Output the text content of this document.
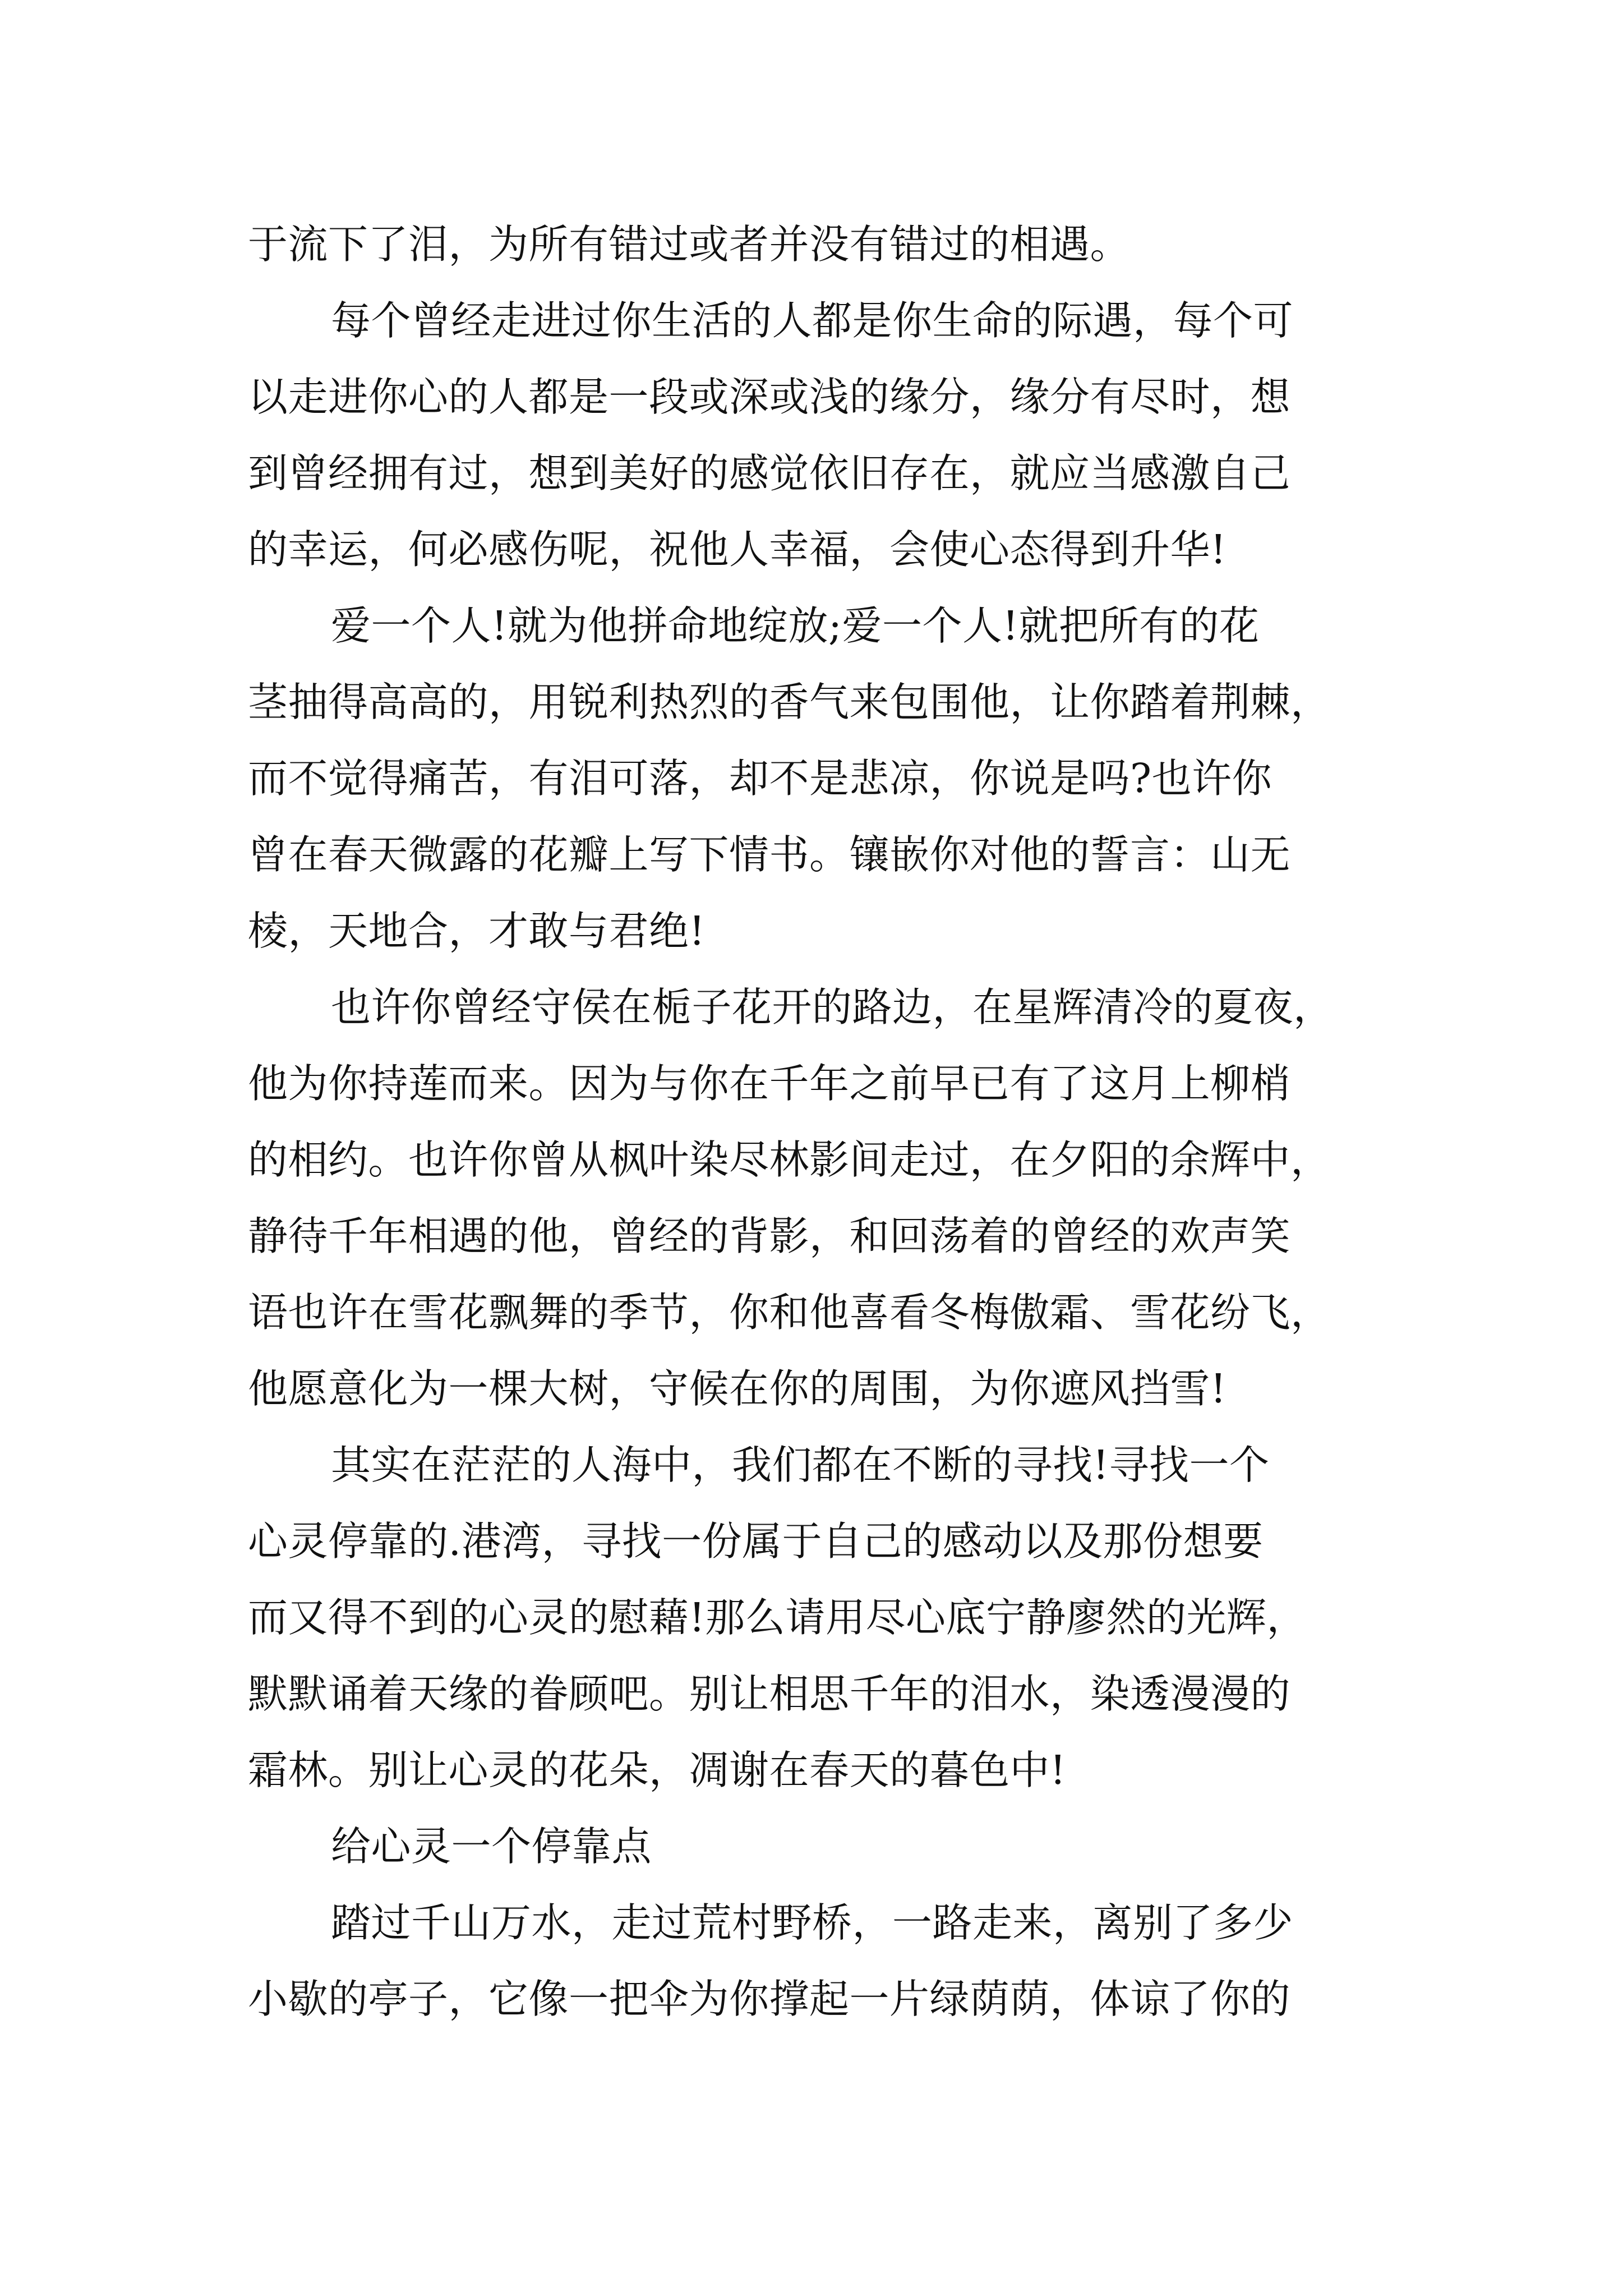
于流下了泪，为所有错过或者并没有错过的相遇。
每个曾经走进过你生活的人都是你生命的际遇，每个可
以走进你心的人都是一段或深或浅的缘分，缘分有尽时，想
到曾经拥有过，想到美好的感觉依旧存在，就应当感激自己
的幸运，何必感伤呢，祝他人幸福，会使心态得到升华!
爱一个人!就为他拼命地绽放;爱一个人!就把所有的花
茎抽得高高的，用锐利热烈的香气来包围他，让你踏着荆棘，
而不觉得痛苦，有泪可落，却不是悲凉，你说是吗?也许你
曾在春天微露的花瓣上写下情书。镶嵌你对他的誓言：山无
棱，天地合，才敢与君绝!
也许你曾经守侯在栀子花开的路边，在星辉清冷的夏夜，
他为你持莲而来。因为与你在千年之前早已有了这月上柳梢
的相约。也许你曾从枫叶染尽林影间走过，在夕阳的余辉中，
静待千年相遇的他，曾经的背影，和回荡着的曾经的欢声笑
语也许在雪花飘舞的季节，你和他喜看冬梅傲霜、雪花纷飞，
他愿意化为一棵大树，守候在你的周围，为你遮风挡雪!
其实在茫茫的人海中，我们都在不断的寻找!寻找一个
心灵停靠的.港湾，寻找一份属于自己的感动以及那份想要
而又得不到的心灵的慰藉!那么请用尽心底宁静廖然的光辉，
默默诵着天缘的眷顾吧。别让相思千年的泪水，染透漫漫的
霜林。别让心灵的花朵，凋谢在春天的暮色中!
给心灵一个停靠点
踏过千山万水，走过荒村野桥，一路走来，离别了多少
小歇的亭子，它像一把伞为你撑起一片绿荫荫，体谅了你的
